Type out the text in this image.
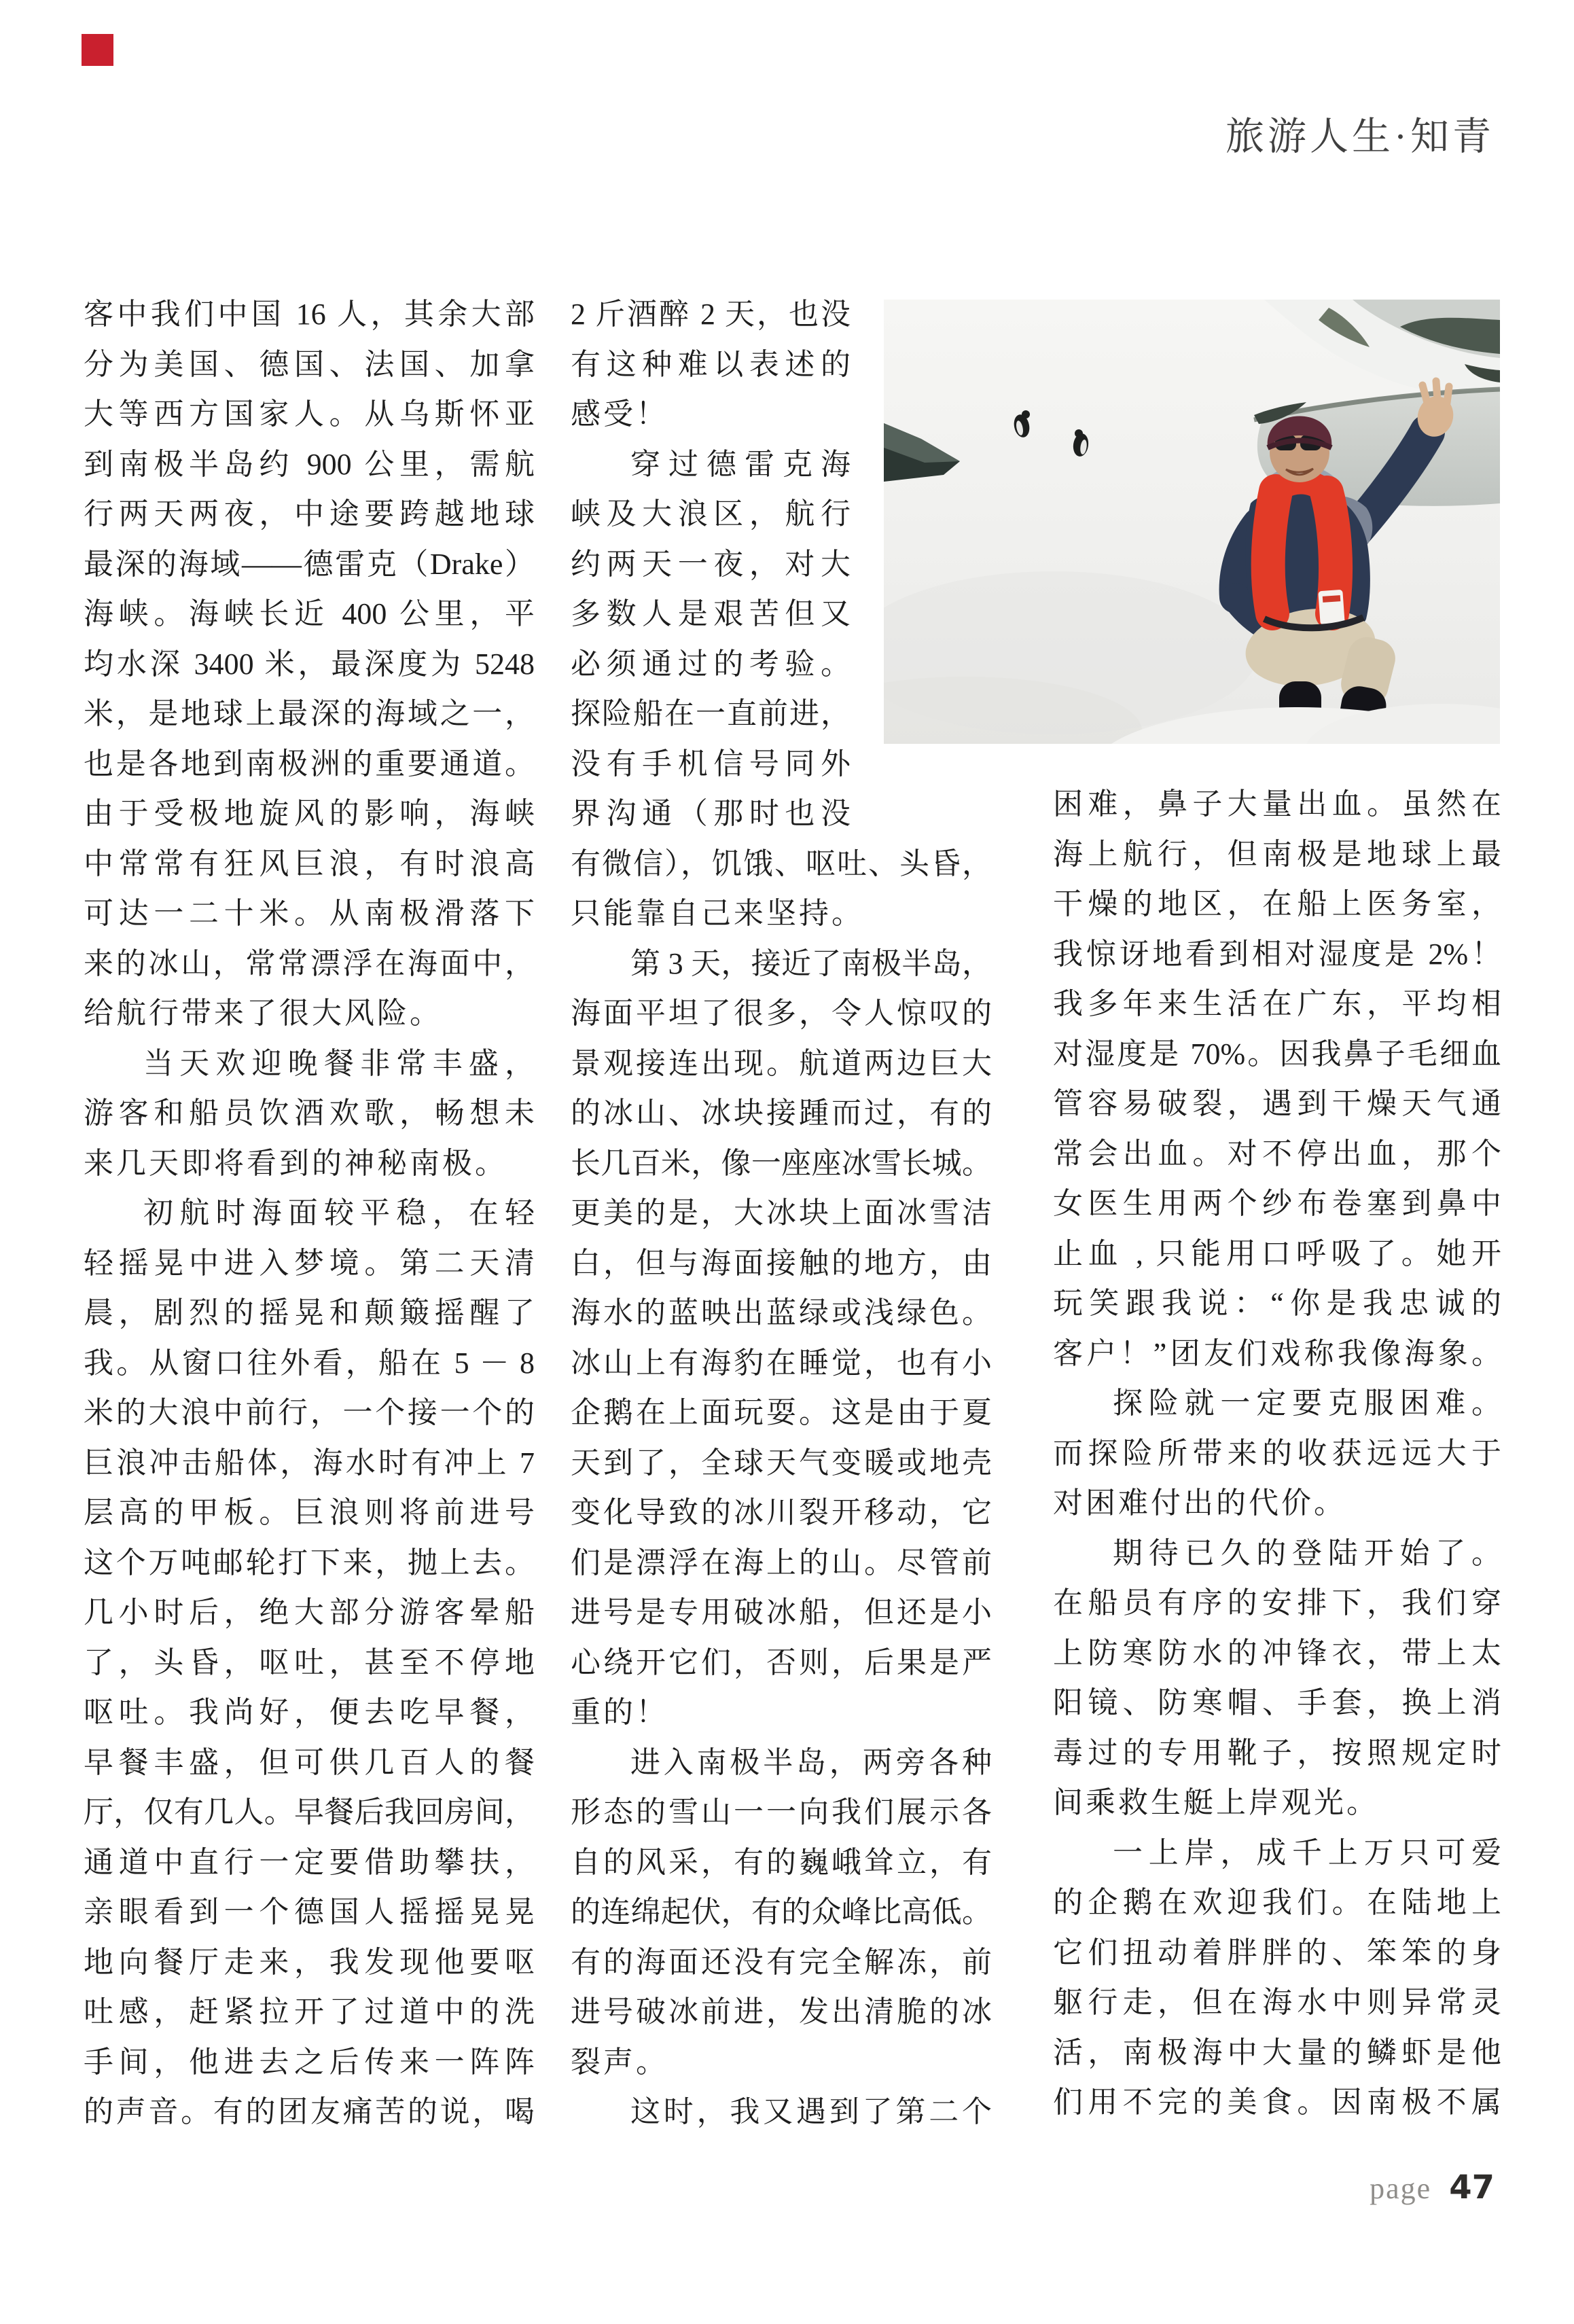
旅游人生·知青
客中我们中国 16 人，其余大部
分为美国、德国、法国、加拿
大等西方国家人。从乌斯怀亚
到南极半岛约 900 公里，需航
行两天两夜，中途要跨越地球
最深的海域——德雷克（Drake）
海峡。海峡长近 400 公里，平
均水深 3400 米，最深度为 5248
米，是地球上最深的海域之一，
也是各地到南极洲的重要通道。
由于受极地旋风的影响，海峡
中常常有狂风巨浪，有时浪高
可达一二十米。从南极滑落下
来的冰山，常常漂浮在海面中，
给航行带来了很大风险。
当天欢迎晚餐非常丰盛，
游客和船员饮酒欢歌，畅想未
来几天即将看到的神秘南极。
初航时海面较平稳，在轻
轻摇晃中进入梦境。第二天清
晨，剧烈的摇晃和颠簸摇醒了
我。从窗口往外看，船在 5 － 8
米的大浪中前行，一个接一个的
巨浪冲击船体，海水时有冲上 7
层高的甲板。巨浪则将前进号
这个万吨邮轮打下来，抛上去。
几小时后，绝大部分游客晕船
了，头昏，呕吐，甚至不停地
呕吐。我尚好，便去吃早餐，
早餐丰盛，但可供几百人的餐
厅，仅有几人。早餐后我回房间，
通道中直行一定要借助攀扶，
亲眼看到一个德国人摇摇晃晃
地向餐厅走来，我发现他要呕
吐感，赶紧拉开了过道中的洗
手间，他进去之后传来一阵阵
的声音。有的团友痛苦的说，喝
2 斤酒醉 2 天，也没
有这种难以表述的
感受！
穿过德雷克海
峡及大浪区，航行
约两天一夜，对大
多数人是艰苦但又
必须通过的考验。
探险船在一直前进，
没有手机信号同外
界沟通（那时也没
有微信），饥饿、呕吐、头昏，
只能靠自己来坚持。
第 3 天，接近了南极半岛，
海面平坦了很多，令人惊叹的
景观接连出现。航道两边巨大
的冰山、冰块接踵而过，有的
长几百米，像一座座冰雪长城。
更美的是，大冰块上面冰雪洁
白，但与海面接触的地方，由
海水的蓝映出蓝绿或浅绿色。
冰山上有海豹在睡觉，也有小
企鹅在上面玩耍。这是由于夏
天到了，全球天气变暖或地壳
变化导致的冰川裂开移动，它
们是漂浮在海上的山。尽管前
进号是专用破冰船，但还是小
心绕开它们，否则，后果是严
重的！
进入南极半岛，两旁各种
形态的雪山一一向我们展示各
自的风采，有的巍峨耸立，有
的连绵起伏，有的众峰比高低。
有的海面还没有完全解冻，前
进号破冰前进，发出清脆的冰
裂声。
这时，我又遇到了第二个
困难，鼻子大量出血。虽然在
海上航行，但南极是地球上最
干燥的地区，在船上医务室，
我惊讶地看到相对湿度是 2%！
我多年来生活在广东，平均相
对湿度是 70%。因我鼻子毛细血
管容易破裂，遇到干燥天气通
常会出血。对不停出血，那个
女医生用两个纱布卷塞到鼻中
止血 , 只能用口呼吸了。她开
玩笑跟我说：“你是我忠诚的
客户！”团友们戏称我像海象。
探险就一定要克服困难。
而探险所带来的收获远远大于
对困难付出的代价。
期待已久的登陆开始了。
在船员有序的安排下，我们穿
上防寒防水的冲锋衣，带上太
阳镜、防寒帽、手套，换上消
毒过的专用靴子，按照规定时
间乘救生艇上岸观光。
一上岸，成千上万只可爱
的企鹅在欢迎我们。在陆地上
它们扭动着胖胖的、笨笨的身
躯行走，但在海水中则异常灵
活，南极海中大量的鳞虾是他
们用不完的美食。因南极不属
page 47
